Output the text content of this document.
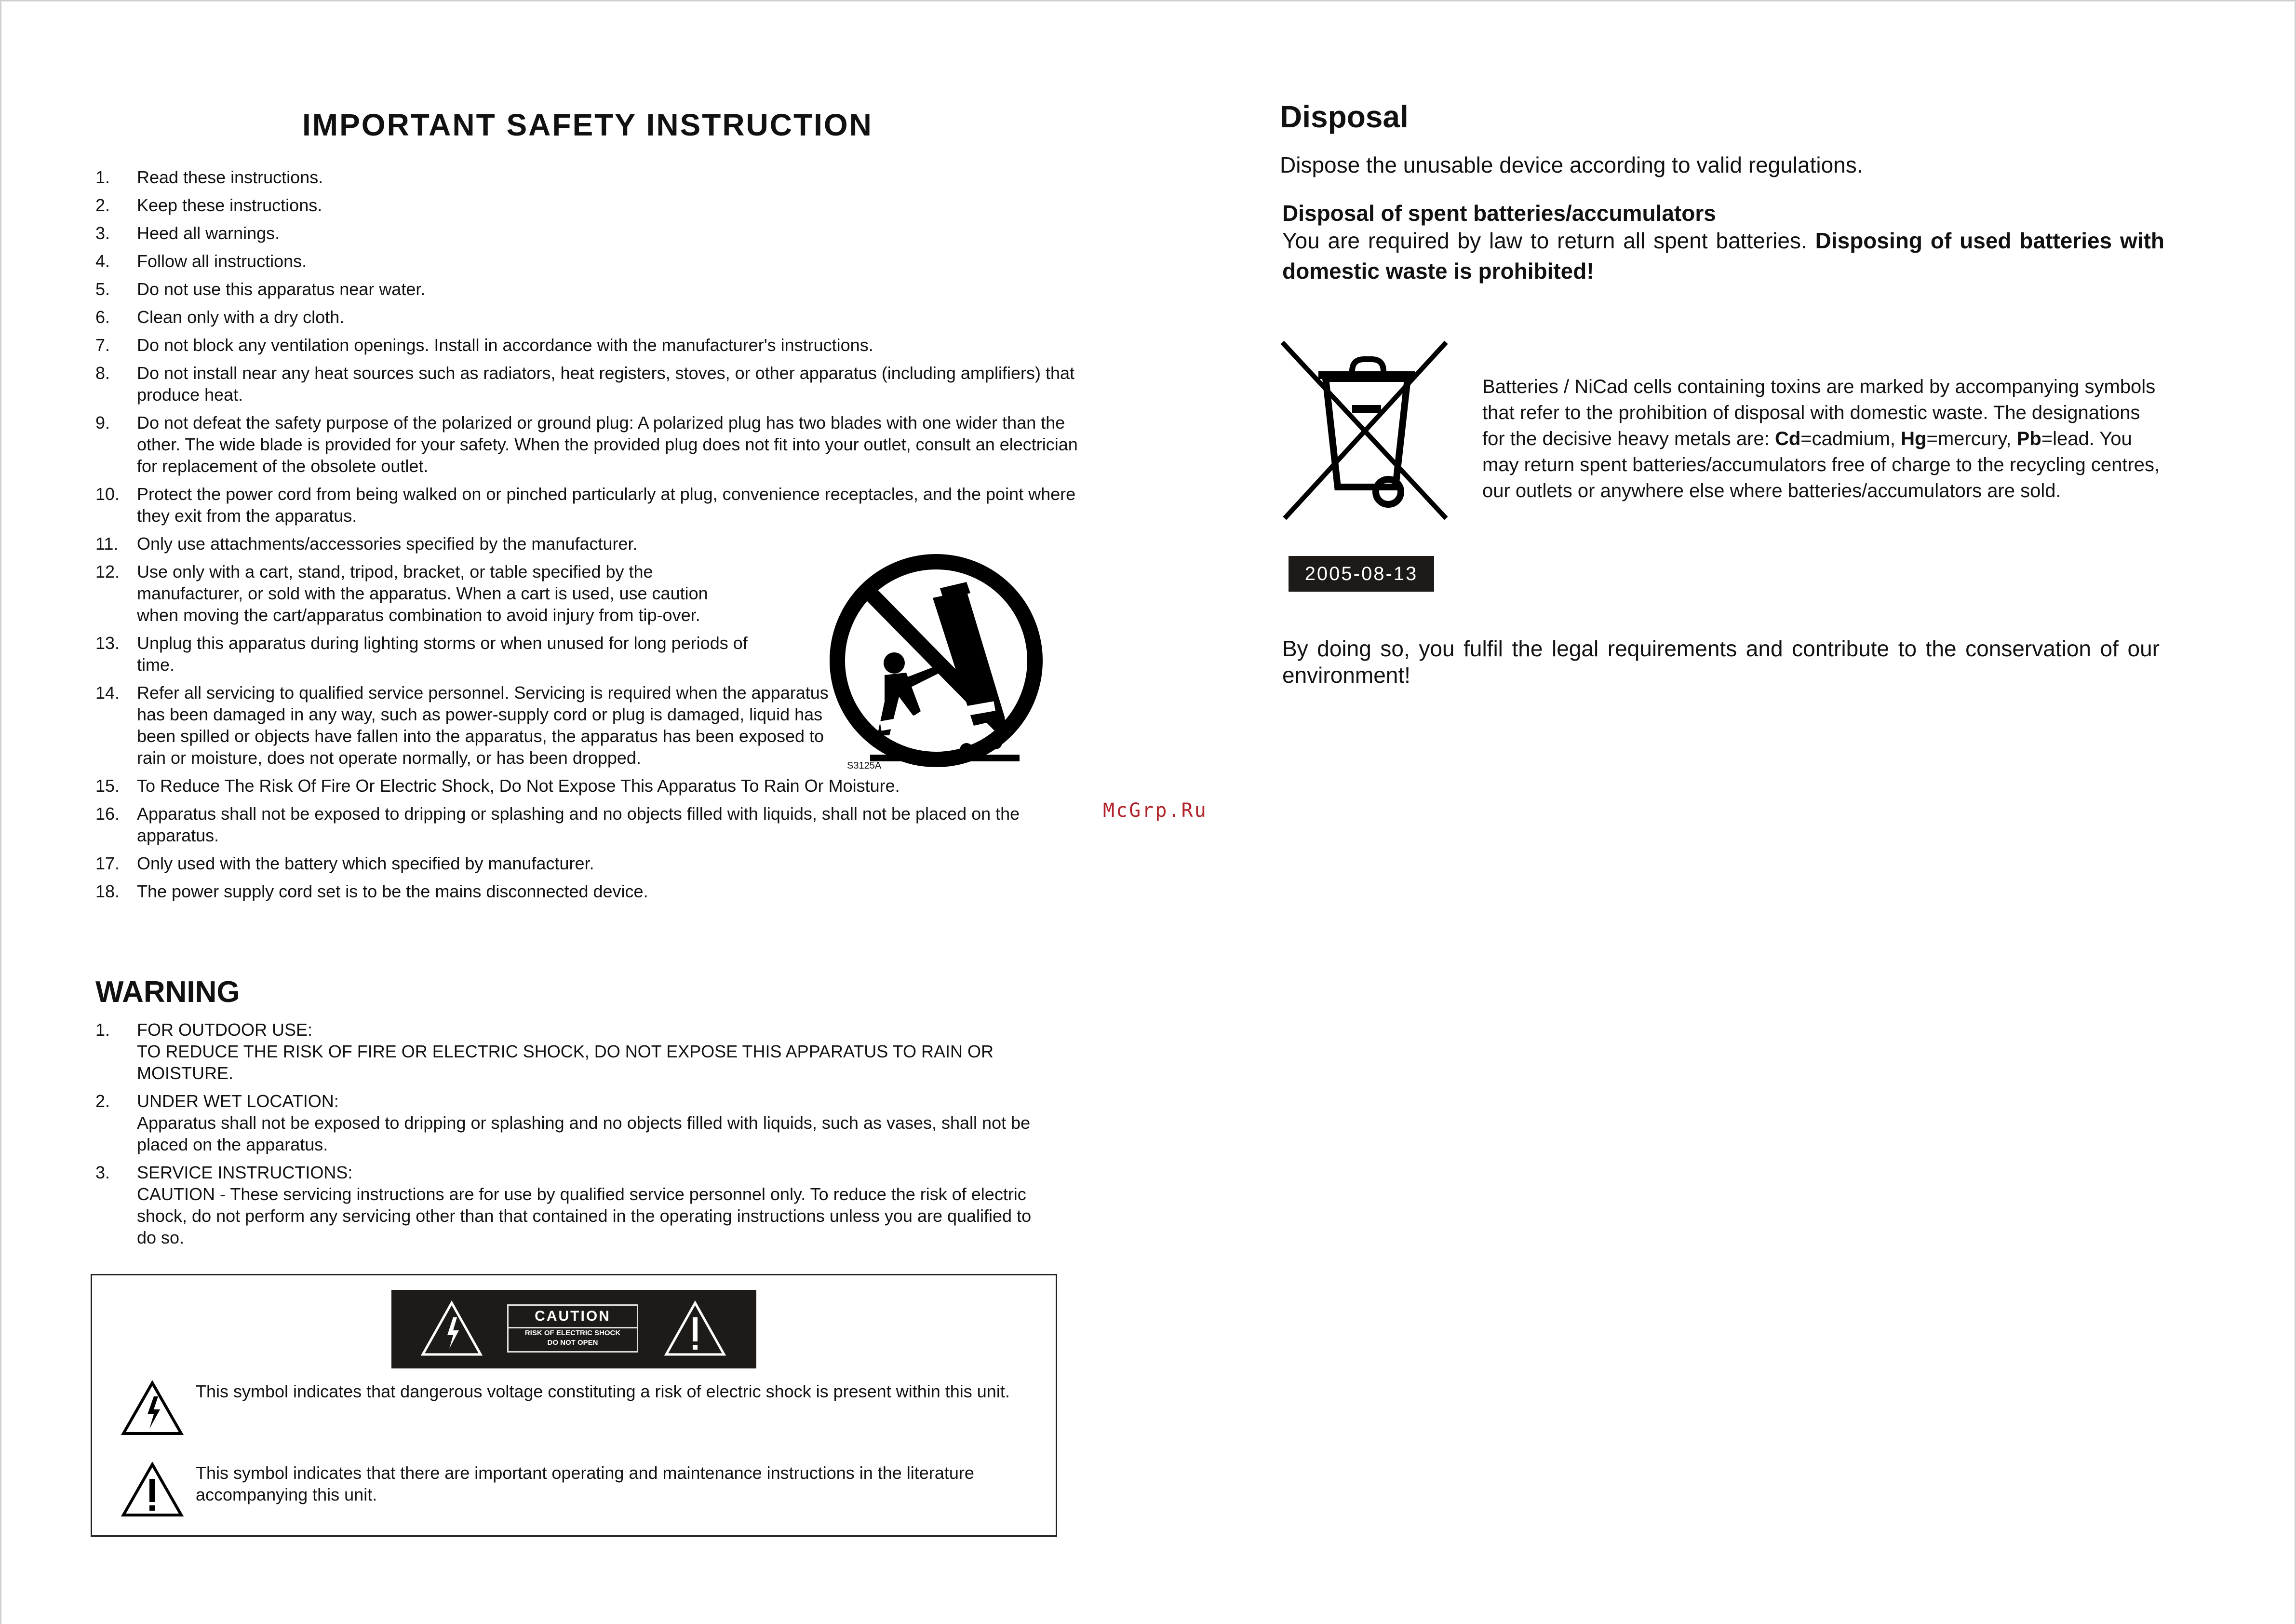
IMPORTANT SAFETY INSTRUCTION
1. Read these instructions.
2. Keep these instructions.
3. Heed all warnings.
4. Follow all instructions.
5. Do not use this apparatus near water.
6. Clean only with a dry cloth.
7. Do not block any ventilation openings. Install in accordance with the manufacturer's instructions.
8. Do not install near any heat sources such as radiators, heat registers, stoves, or other apparatus (including amplifiers) that produce heat.
9. Do not defeat the safety purpose of the polarized or ground plug: A polarized plug has two blades with one wider than the other. The wide blade is provided for your safety. When the provided plug does not fit into your outlet, consult an electrician for replacement of the obsolete outlet.
10. Protect the power cord from being walked on or pinched particularly at plug, convenience receptacles, and the point where they exit from the apparatus.
11. Only use attachments/accessories specified by the manufacturer.
12. Use only with a cart, stand, tripod, bracket, or table specified by the manufacturer, or sold with the apparatus. When a cart is used, use caution when moving the cart/apparatus combination to avoid injury from tip-over.
13. Unplug this apparatus during lighting storms or when unused for long periods of time.
14. Refer all servicing to qualified service personnel. Servicing is required when the apparatus has been damaged in any way, such as power-supply cord or plug is damaged, liquid has been spilled or objects have fallen into the apparatus, the apparatus has been exposed to rain or moisture, does not operate normally, or has been dropped.
15. To Reduce The Risk Of Fire Or Electric Shock, Do Not Expose This Apparatus To Rain Or Moisture.
16. Apparatus shall not be exposed to dripping or splashing and no objects filled with liquids, shall not be placed on the apparatus.
17. Only used with the battery which specified by manufacturer.
18. The power supply cord set is to be the mains disconnected device.
S3125A
WARNING
1. FOR OUTDOOR USE:
TO REDUCE THE RISK OF FIRE OR ELECTRIC SHOCK, DO NOT EXPOSE THIS APPARATUS TO RAIN OR MOISTURE.
2. UNDER WET LOCATION:
Apparatus shall not be exposed to dripping or splashing and no objects filled with liquids, such as vases, shall not be placed on the apparatus.
3. SERVICE INSTRUCTIONS:
CAUTION - These servicing instructions are for use by qualified service personnel only. To reduce the risk of electric shock, do not perform any servicing other than that contained in the operating instructions unless you are qualified to do so.
CAUTION
RISK OF ELECTRIC SHOCK
DO NOT OPEN
This symbol indicates that dangerous voltage constituting a risk of electric shock is present within this unit.
This symbol indicates that there are important operating and maintenance instructions in the literature accompanying this unit.
McGrp.Ru
Disposal

Dispose the unusable device according to valid regulations.

Disposal of spent batteries/accumulators

You are required by law to return all spent batteries. Disposing of used batteries with domestic waste is prohibited!

Batteries / NiCad cells containing toxins are marked by accompanying symbols that refer to the prohibition of disposal with domestic waste. The designations for the decisive heavy metals are: Cd=cadmium, Hg=mercury, Pb=lead. You may return spent batteries/accumulators free of charge to the recycling centres, our outlets or anywhere else where batteries/accumulators are sold.

2005-08-13

By doing so, you fulfil the legal requirements and contribute to the conservation of our environment!
